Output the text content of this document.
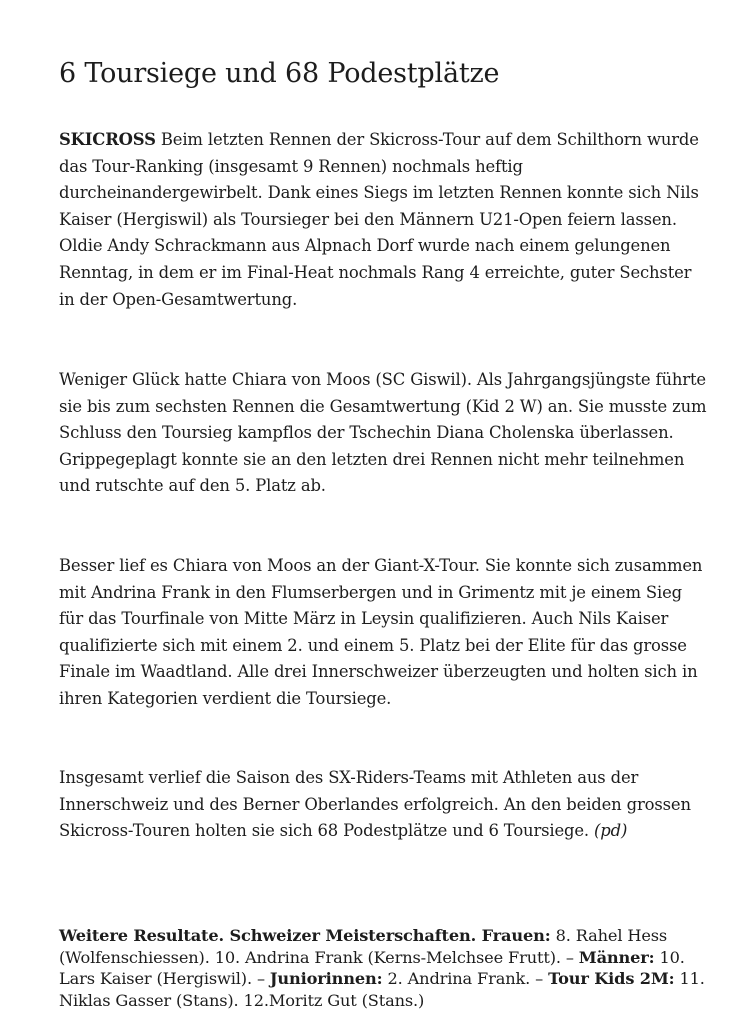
6 Toursiege und 68 Podestplätze

SKICROSS Beim letzten Rennen der Skicross-Tour auf dem Schilthorn wurde das Tour-Ranking (insgesamt 9 Rennen) nochmals heftig durcheinandergewirbelt. Dank eines Siegs im letzten Rennen konnte sich Nils Kaiser (Hergiswil) als Toursieger bei den Männern U21-Open feiern lassen. Oldie Andy Schrackmann aus Alpnach Dorf wurde nach einem gelungenen Renntag, in dem er im Final-Heat nochmals Rang 4 erreichte, guter Sechster in der Open-Gesamtwertung.

Weniger Glück hatte Chiara von Moos (SC Giswil). Als Jahrgangsjüngste führte sie bis zum sechsten Rennen die Gesamtwertung (Kid 2 W) an. Sie musste zum Schluss den Toursieg kampflos der Tschechin Diana Cholenska überlassen. Grippegeplagt konnte sie an den letzten drei Rennen nicht mehr teilnehmen und rutschte auf den 5. Platz ab.

Besser lief es Chiara von Moos an der Giant-X-Tour. Sie konnte sich zusammen mit Andrina Frank in den Flumserbergen und in Grimentz mit je einem Sieg für das Tourfinale von Mitte März in Leysin qualifizieren. Auch Nils Kaiser qualifizierte sich mit einem 2. und einem 5. Platz bei der Elite für das grosse Finale im Waadtland. Alle drei Innerschweizer überzeugten und holten sich in ihren Kategorien verdient die Toursiege.

Insgesamt verlief die Saison des SX-Riders-Teams mit Athleten aus der Innerschweiz und des Berner Oberlandes erfolgreich. An den beiden grossen Skicross-Touren holten sie sich 68 Podestplätze und 6 Toursiege. (pd)

Weitere Resultate. Schweizer Meisterschaften. Frauen: 8. Rahel Hess (Wolfenschiessen). 10. Andrina Frank (Kerns-Melchsee Frutt). – Männer: 10. Lars Kaiser (Hergiswil). – Juniorinnen: 2. Andrina Frank. – Tour Kids 2M: 11. Niklas Gasser (Stans). 12.Moritz Gut (Stans.)
